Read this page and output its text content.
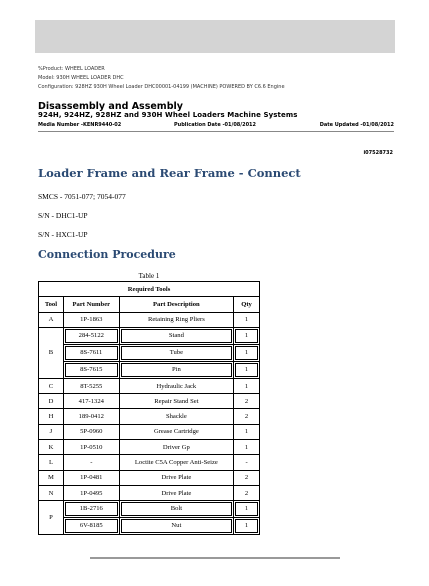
%Product: WHEEL LOADER
Model: 930H WHEEL LOADER DHC
Configuration: 928HZ 930H Wheel Loader DHC00001-04199 (MACHINE) POWERED BY C6.6 Engine
Disassembly and Assembly
924H, 924HZ, 928HZ and 930H Wheel Loaders Machine Systems
Media Number -KENR9440-02	Publication Date -01/08/2012	Date Updated -01/08/2012
i07528732
Loader Frame and Rear Frame - Connect
SMCS - 7051-077; 7054-077
S/N - DHC1-UP
S/N - HXC1-UP
Connection Procedure
Table 1
Required Tools			
Tool	Part Number	Part Description	Qty
A	1P-1863	Retaining Ring Pliers	1
B	284-5122	Stand	1

	8S-7611	Tube	1

	8S-7615	Pin	1

C	8T-5255	Hydraulic Jack	1
D	417-1324	Repair Stand Set	2
H	189-0412	Shackle	2
J	5P-0960	Grease Cartridge	1
K	1P-0510	Driver Gp	1
L	-	Loctite C5A Copper Anti-Seize	-
M	1P-0481	Drive Plate	2
N	1P-0495	Drive Plate	2
P	1B-2716	Bolt	1

	6V-8185	Nut	1
